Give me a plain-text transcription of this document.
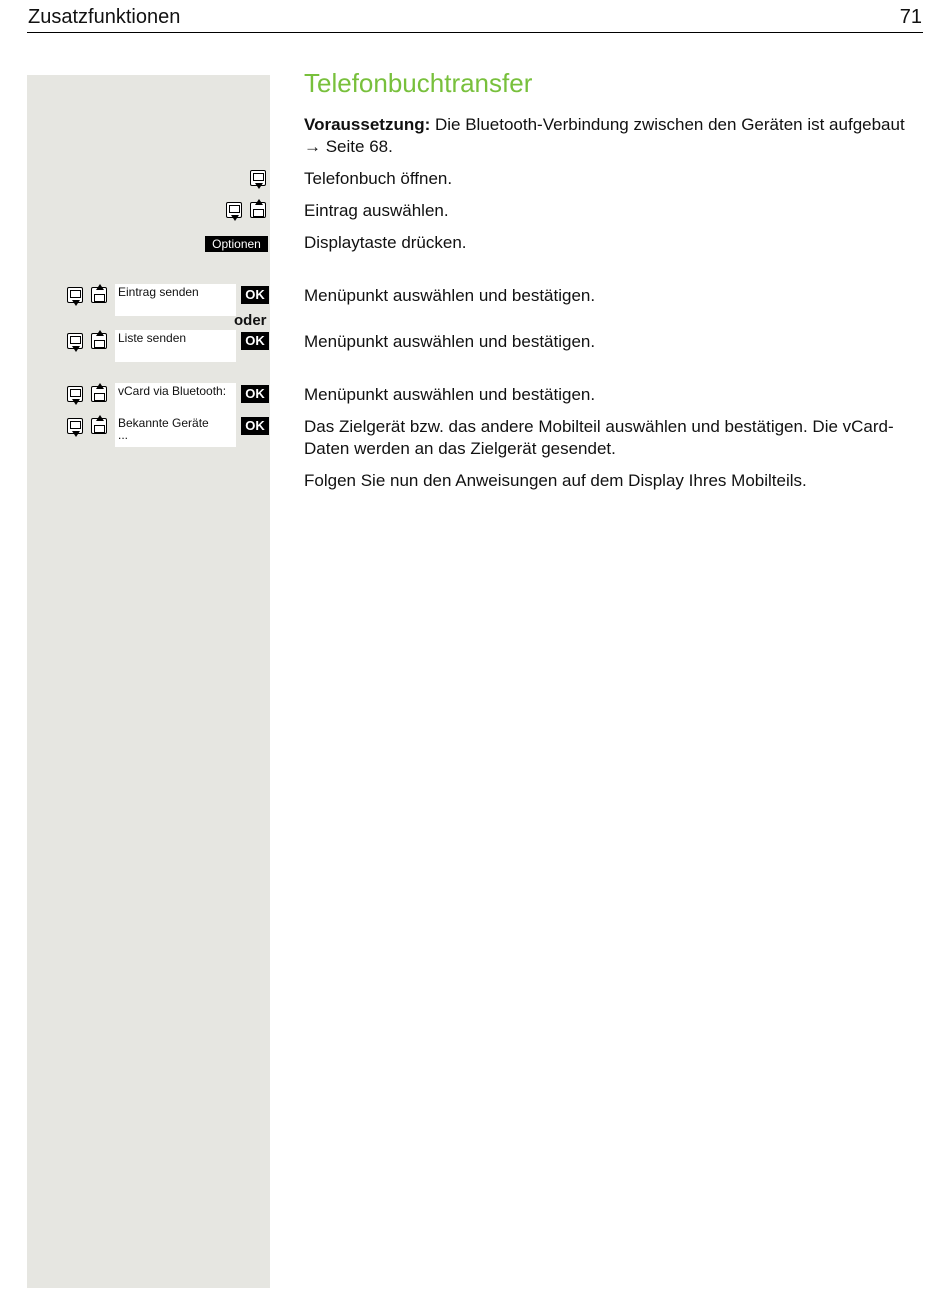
Zusatzfunktionen	71
Telefonbuchtransfer
Voraussetzung: Die Bluetooth-Verbindung zwischen den Geräten ist aufgebaut
→ Seite 68.
Telefonbuch öffnen.
Eintrag auswählen.
Optionen	Displaytaste drücken.
Eintrag senden	OK Menüpunkt auswählen und bestätigen.
oder
Liste senden	OK Menüpunkt auswählen und bestätigen.
vCard via Bluetooth:	OK Menüpunkt auswählen und bestätigen.
Bekannte Geräte
...
OK Das Zielgerät bzw. das andere Mobilteil auswählen und bestätigen. Die vCard-Daten werden an das Zielgerät gesendet.
Folgen Sie nun den Anweisungen auf dem Display Ihres Mobilteils.
